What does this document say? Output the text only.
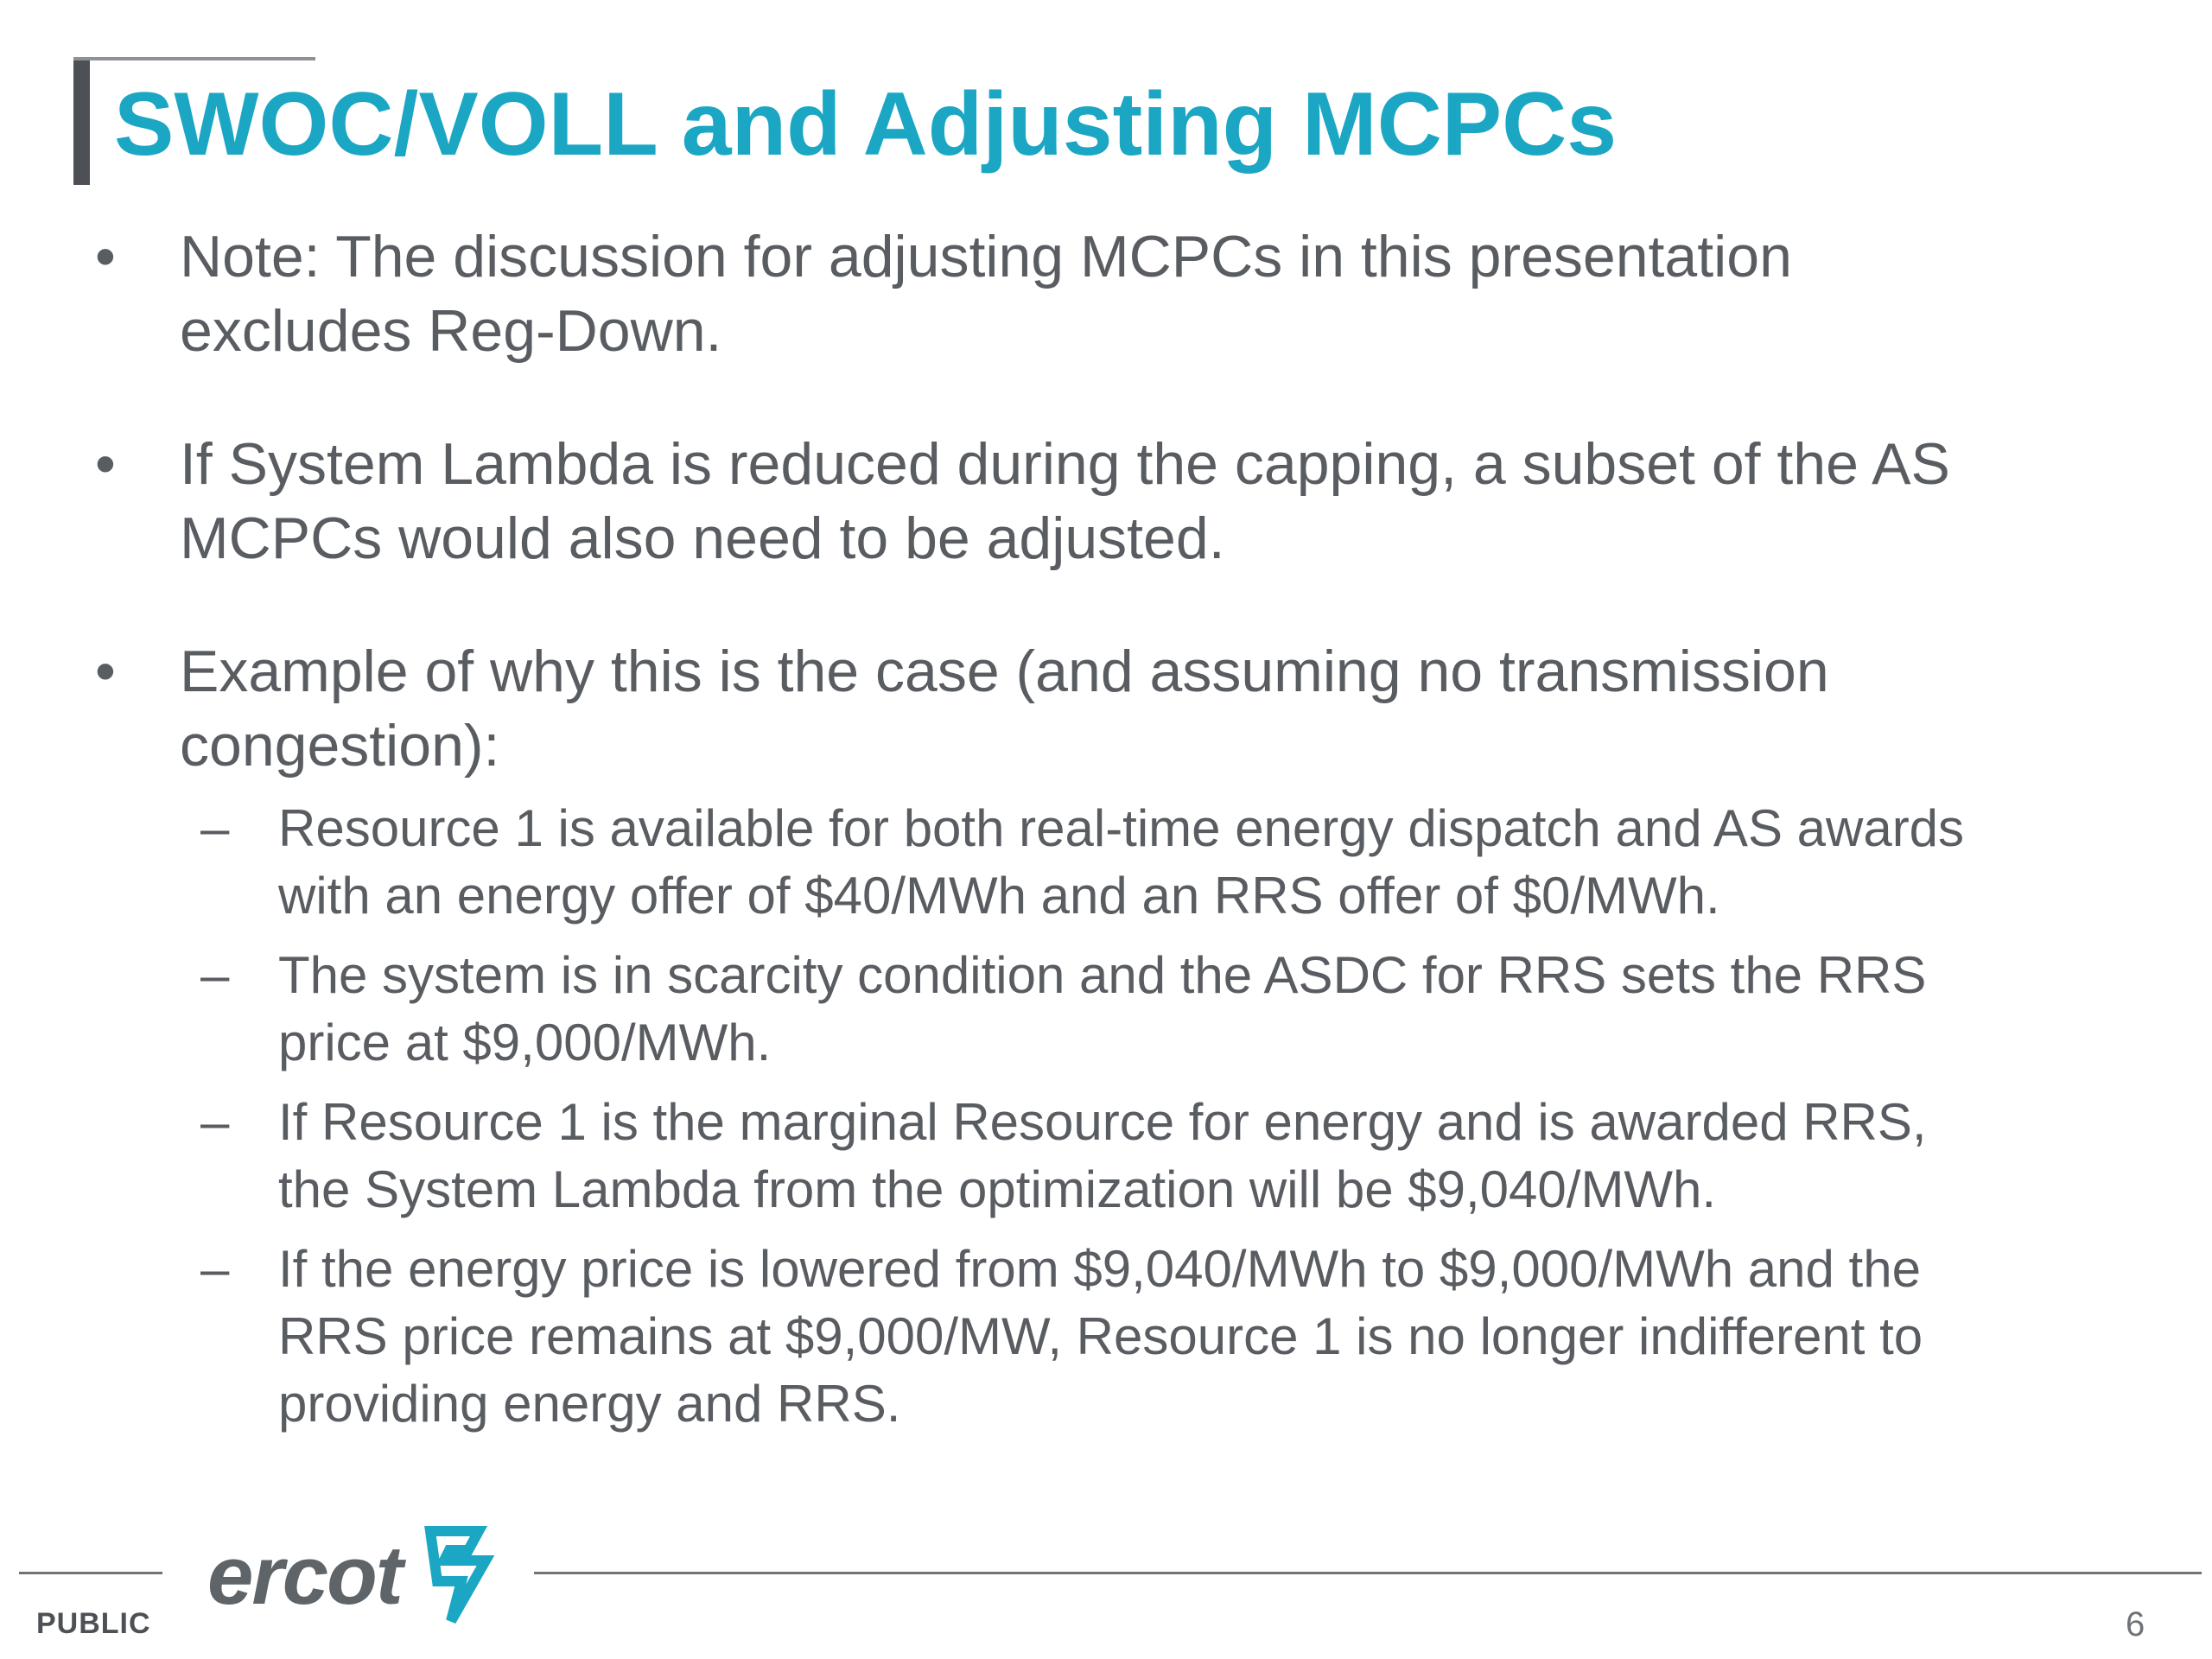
SWOC/VOLL and Adjusting MCPCs
• Note: The discussion for adjusting MCPCs in this presentation
excludes Reg-Down.
• If System Lambda is reduced during the capping, a subset of the AS
MCPCs would also need to be adjusted.
• Example of why this is the case (and assuming no transmission
congestion):
– Resource 1 is available for both real-time energy dispatch and AS awards
with an energy offer of $40/MWh and an RRS offer of $0/MWh.
– The system is in scarcity condition and the ASDC for RRS sets the RRS
price at $9,000/MWh.
– If Resource 1 is the marginal Resource for energy and is awarded RRS,
the System Lambda from the optimization will be $9,040/MWh.
– If the energy price is lowered from $9,040/MWh to $9,000/MWh and the
RRS price remains at $9,000/MW, Resource 1 is no longer indifferent to
providing energy and RRS.
ercot
PUBLIC	6
